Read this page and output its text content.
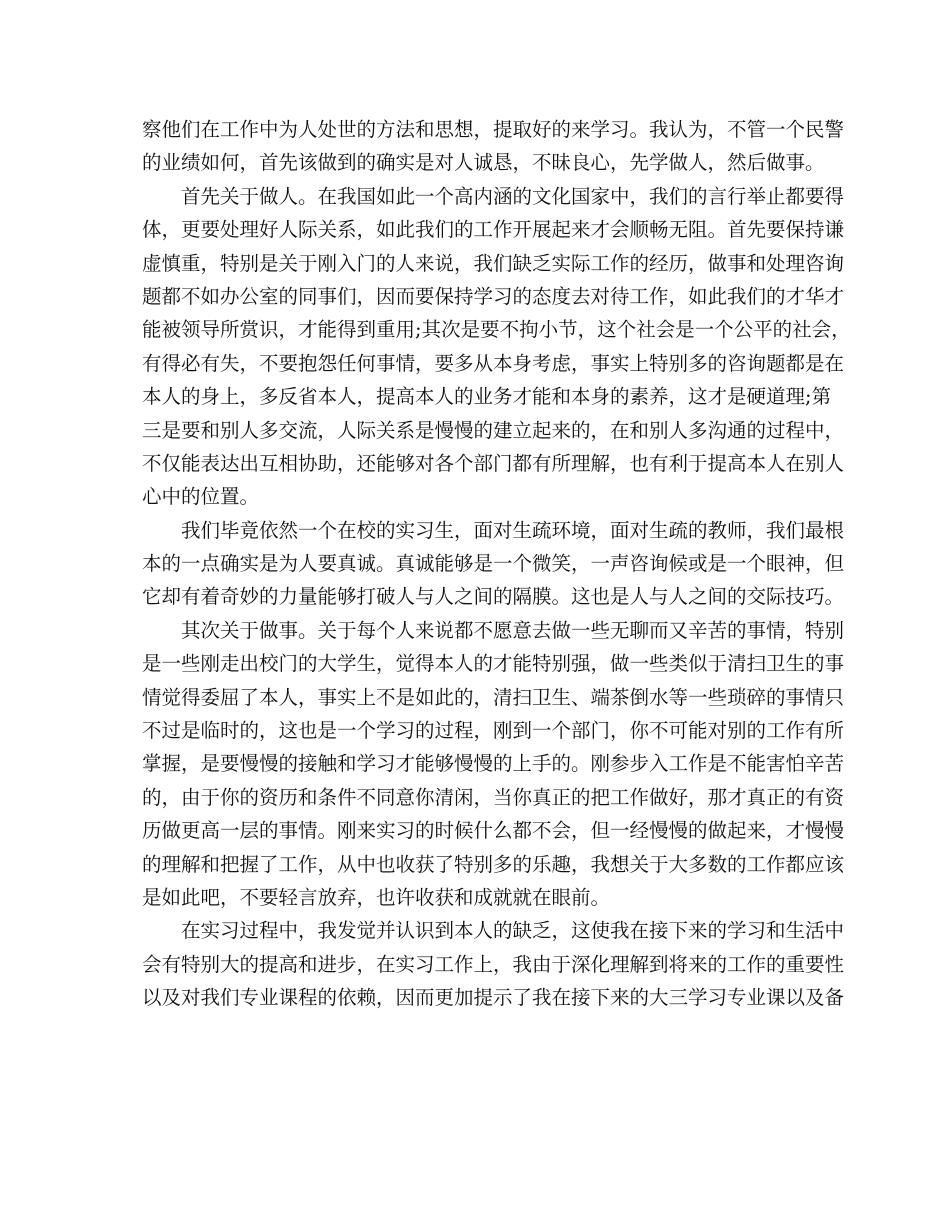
察他们在工作中为人处世的方法和思想，提取好的来学习。我认为，不管一个民警
的业绩如何，首先该做到的确实是对人诚恳，不昧良心，先学做人，然后做事。
首先关于做人。在我国如此一个高内涵的文化国家中，我们的言行举止都要得
体，更要处理好人际关系，如此我们的工作开展起来才会顺畅无阻。首先要保持谦
虚慎重，特别是关于刚入门的人来说，我们缺乏实际工作的经历，做事和处理咨询
题都不如办公室的同事们，因而要保持学习的态度去对待工作，如此我们的才华才
能被领导所赏识，才能得到重用;其次是要不拘小节，这个社会是一个公平的社会，
有得必有失，不要抱怨任何事情，要多从本身考虑，事实上特别多的咨询题都是在
本人的身上，多反省本人，提高本人的业务才能和本身的素养，这才是硬道理;第
三是要和别人多交流，人际关系是慢慢的建立起来的，在和别人多沟通的过程中，
不仅能表达出互相协助，还能够对各个部门都有所理解，也有利于提高本人在别人
心中的位置。
我们毕竟依然一个在校的实习生，面对生疏环境，面对生疏的教师，我们最根
本的一点确实是为人要真诚。真诚能够是一个微笑，一声咨询候或是一个眼神，但
它却有着奇妙的力量能够打破人与人之间的隔膜。这也是人与人之间的交际技巧。
其次关于做事。关于每个人来说都不愿意去做一些无聊而又辛苦的事情，特别
是一些刚走出校门的大学生，觉得本人的才能特别强，做一些类似于清扫卫生的事
情觉得委屈了本人，事实上不是如此的，清扫卫生、端茶倒水等一些琐碎的事情只
不过是临时的，这也是一个学习的过程，刚到一个部门，你不可能对别的工作有所
掌握，是要慢慢的接触和学习才能够慢慢的上手的。刚参步入工作是不能害怕辛苦
的，由于你的资历和条件不同意你清闲，当你真正的把工作做好，那才真正的有资
历做更高一层的事情。刚来实习的时候什么都不会，但一经慢慢的做起来，才慢慢
的理解和把握了工作，从中也收获了特别多的乐趣，我想关于大多数的工作都应该
是如此吧，不要轻言放弃，也许收获和成就就在眼前。
在实习过程中，我发觉并认识到本人的缺乏，这使我在接下来的学习和生活中
会有特别大的提高和进步，在实习工作上，我由于深化理解到将来的工作的重要性
以及对我们专业课程的依赖，因而更加提示了我在接下来的大三学习专业课以及备
